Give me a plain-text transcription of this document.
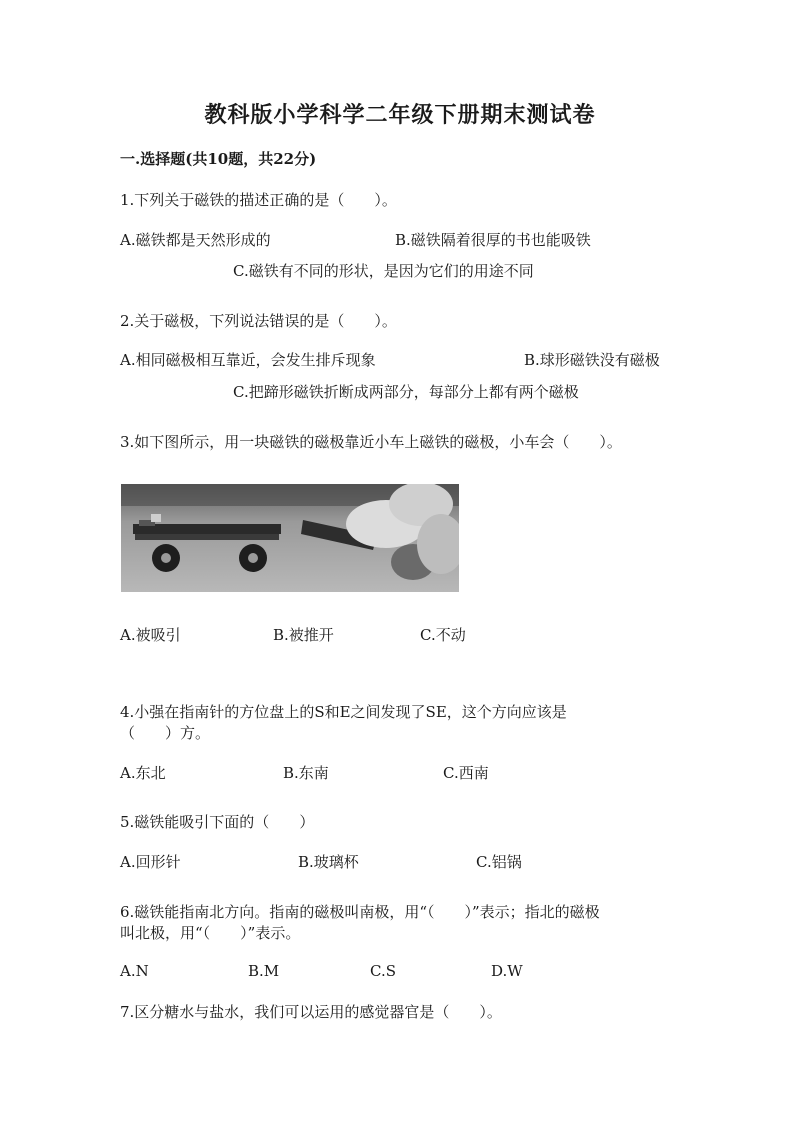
教科版小学科学二年级下册期末测试卷
一.选择题(共10题，共22分)
1.下列关于磁铁的描述正确的是（　　）。
A.磁铁都是天然形成的	B.磁铁隔着很厚的书也能吸铁
C.磁铁有不同的形状，是因为它们的用途不同
2.关于磁极，下列说法错误的是（　　）。
A.相同磁极相互靠近，会发生排斥现象	B.球形磁铁没有磁极
C.把蹄形磁铁折断成两部分，每部分上都有两个磁极
3.如下图所示，用一块磁铁的磁极靠近小车上磁铁的磁极，小车会（　　）。
A.被吸引	B.被推开	C.不动
4.小强在指南针的方位盘上的S和E之间发现了SE，这个方向应该是
（　　）方。
A.东北	B.东南	C.西南
5.磁铁能吸引下面的（　　）
A.回形针	B.玻璃杯	C.铝锅
6.磁铁能指南北方向。指南的磁极叫南极，用“（　　）”表示；指北的磁极
叫北极，用“（　　）”表示。
A.N	B.M	C.S	D.W
7.区分糖水与盐水，我们可以运用的感觉器官是（　　）。
